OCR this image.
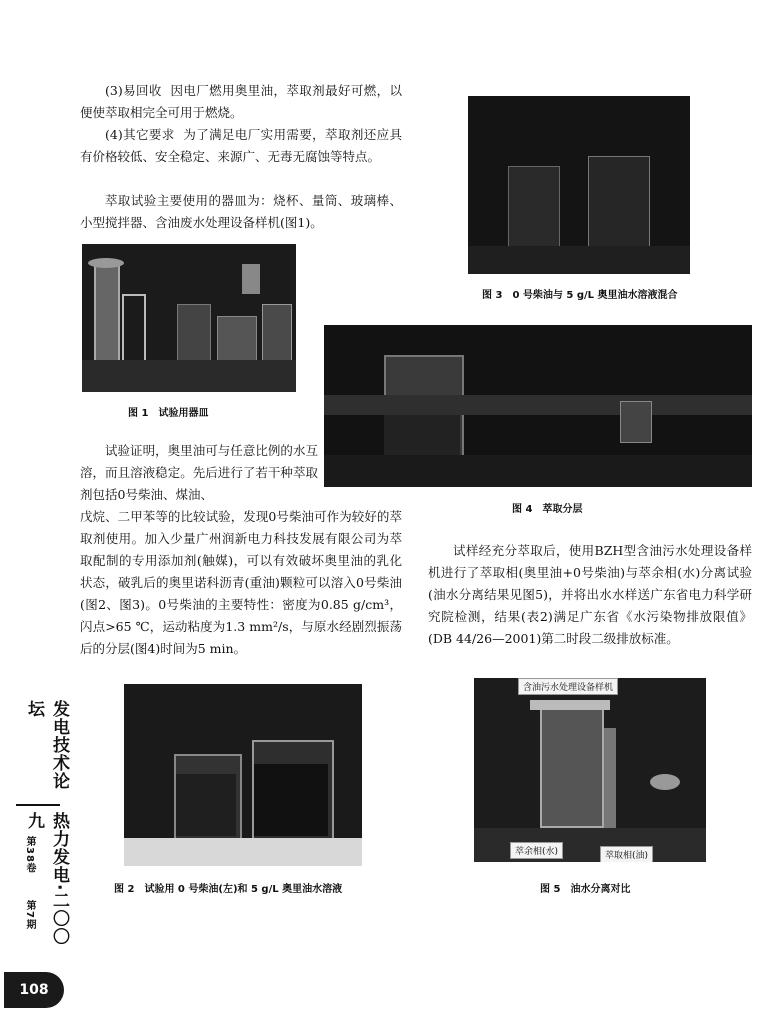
(3)易回收 因电厂燃用奥里油，萃取剂最好可燃，以便使萃取相完全可用于燃烧。

(4)其它要求 为了满足电厂实用需要，萃取剂还应具有价格较低、安全稳定、来源广、无毒无腐蚀等特点。

萃取试验主要使用的器皿为：烧杯、量筒、玻璃棒、小型搅拌器、含油废水处理设备样机(图1)。

图 1 试验用器皿

试验证明，奥里油可与任意比例的水互溶，而且溶液稳定。先后进行了若干种萃取剂包括0号柴油、煤油、

戊烷、二甲苯等的比较试验，发现0号柴油可作为较好的萃取剂使用。加入少量广州润新电力科技发展有限公司为萃取配制的专用添加剂(触媒)，可以有效破坏奥里油的乳化状态，破乳后的奥里诺科沥青(重油)颗粒可以溶入0号柴油(图2、图3)。0号柴油的主要特性：密度为0.85 g/cm³，闪点>65 ℃，运动粘度为1.3 mm²/s，与原水经剧烈振荡后的分层(图4)时间为5 min。

图 3 0 号柴油与 5 g/L 奥里油水溶液混合
图 4 萃取分层

试样经充分萃取后，使用BZH型含油污水处理设备样机进行了萃取相(奥里油+0号柴油)与萃余相(水)分离试验(油水分离结果见图5)，并将出水水样送广东省电力科学研究院检测，结果(表2)满足广东省《水污染物排放限值》(DB 44/26—2001)第二时段二级排放标准。

图 2 试验用 0 号柴油(左)和 5 g/L 奥里油水溶液
含油污水处理设备样机
萃余相(水)	萃取相(油)
图 5 油水分离对比
发电技术论坛
热力发电·二〇〇九
第38卷
第7期
108
